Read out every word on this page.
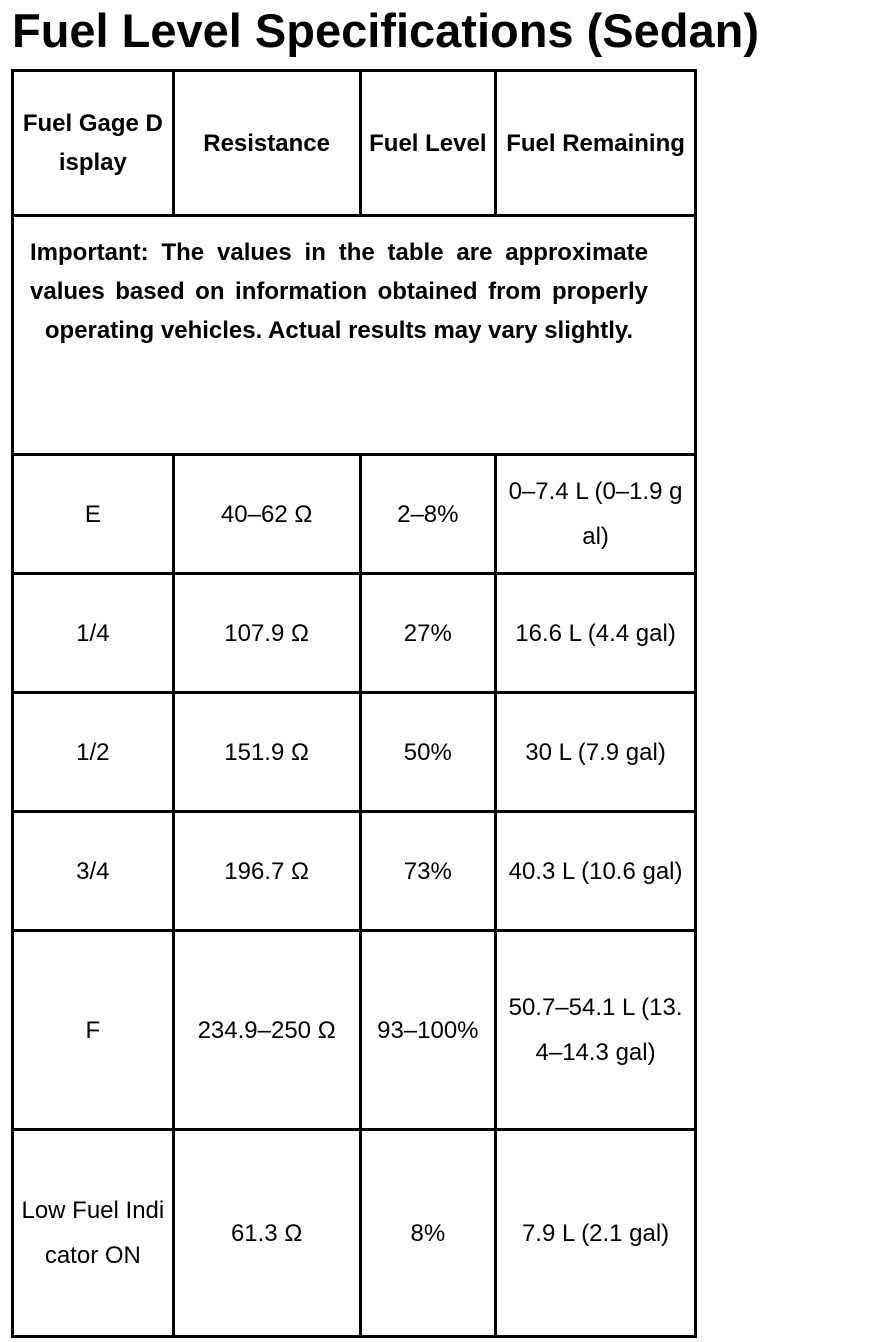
Fuel Level Specifications (Sedan)
Fuel Gage Display	Resistance	Fuel Level	Fuel Remaining
Important: The values in the table are approximate values based on information obtained from properly operating vehicles. Actual results may vary slightly.			
E	40–62 Ω	2–8%	0–7.4 L (0–1.9 gal)
1/4	107.9 Ω	27%	16.6 L (4.4 gal)
1/2	151.9 Ω	50%	30 L (7.9 gal)
3/4	196.7 Ω	73%	40.3 L (10.6 gal)
F	234.9–250 Ω	93–100%	50.7–54.1 L (13.4–14.3 gal)
Low Fuel Indicator ON	61.3 Ω	8%	7.9 L (2.1 gal)
